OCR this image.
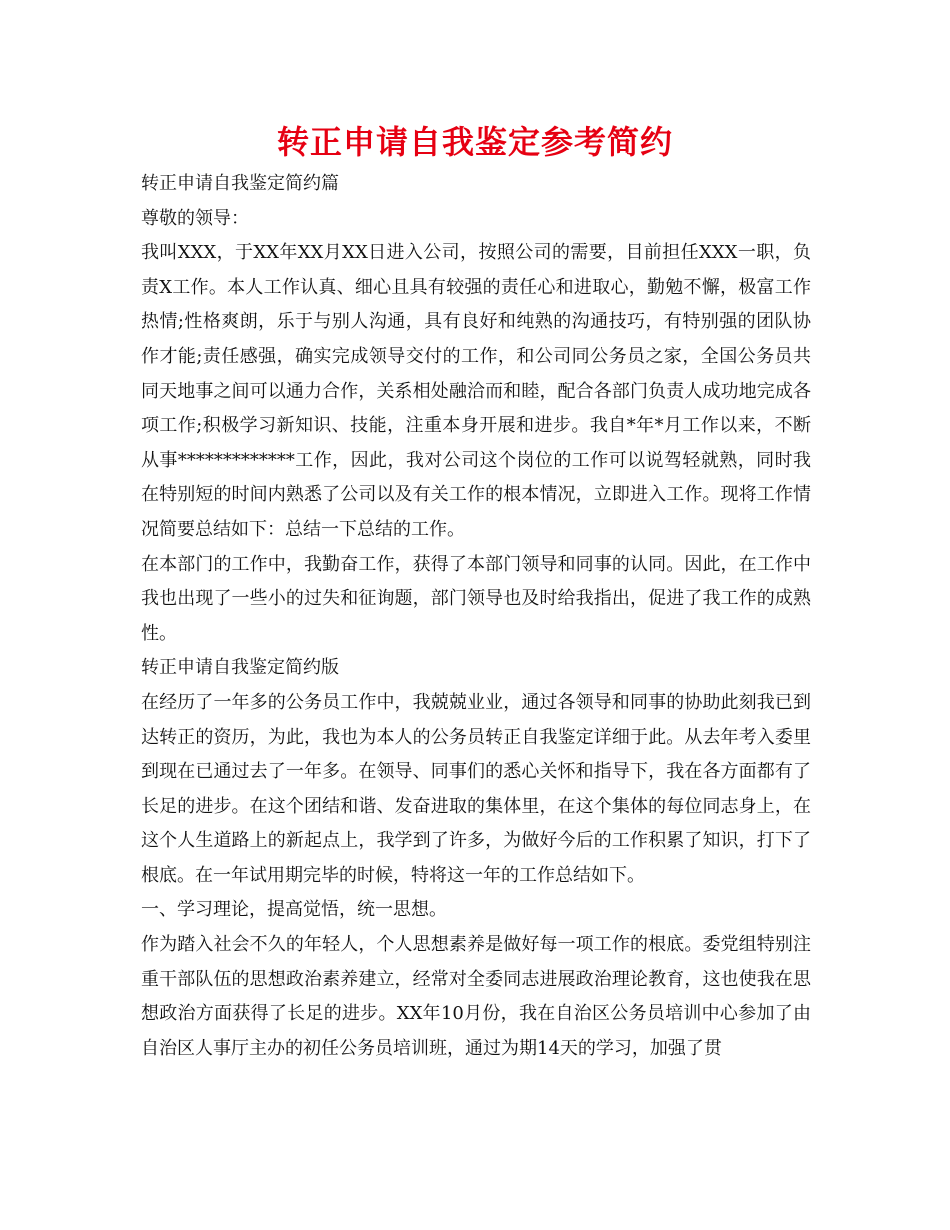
转正申请自我鉴定参考简约

转正申请自我鉴定简约篇

尊敬的领导：

我叫XXX，于XX年XX月XX日进入公司，按照公司的需要，目前担任XXX一职，负责X工作。本人工作认真、细心且具有较强的责任心和进取心，勤勉不懈，极富工作热情;性格爽朗，乐于与别人沟通，具有良好和纯熟的沟通技巧，有特别强的团队协作才能;责任感强，确实完成领导交付的工作，和公司同公务员之家，全国公务员共同天地事之间可以通力合作，关系相处融洽而和睦，配合各部门负责人成功地完成各项工作;积极学习新知识、技能，注重本身开展和进步。我自*年*月工作以来，不断从事*************工作，因此，我对公司这个岗位的工作可以说驾轻就熟，同时我在特别短的时间内熟悉了公司以及有关工作的根本情况，立即进入工作。现将工作情况简要总结如下：总结一下总结的工作。

在本部门的工作中，我勤奋工作，获得了本部门领导和同事的认同。因此，在工作中我也出现了一些小的过失和征询题，部门领导也及时给我指出，促进了我工作的成熟性。

转正申请自我鉴定简约版

在经历了一年多的公务员工作中，我兢兢业业，通过各领导和同事的协助此刻我已到达转正的资历，为此，我也为本人的公务员转正自我鉴定详细于此。从去年考入委里到现在已通过去了一年多。在领导、同事们的悉心关怀和指导下，我在各方面都有了长足的进步。在这个团结和谐、发奋进取的集体里，在这个集体的每位同志身上，在这个人生道路上的新起点上，我学到了许多，为做好今后的工作积累了知识，打下了根底。在一年试用期完毕的时候，特将这一年的工作总结如下。

一、学习理论，提高觉悟，统一思想。

作为踏入社会不久的年轻人，个人思想素养是做好每一项工作的根底。委党组特别注重干部队伍的思想政治素养建立，经常对全委同志进展政治理论教育，这也使我在思想政治方面获得了长足的进步。XX年10月份，我在自治区公务员培训中心参加了由自治区人事厅主办的初任公务员培训班，通过为期14天的学习，加强了贯
